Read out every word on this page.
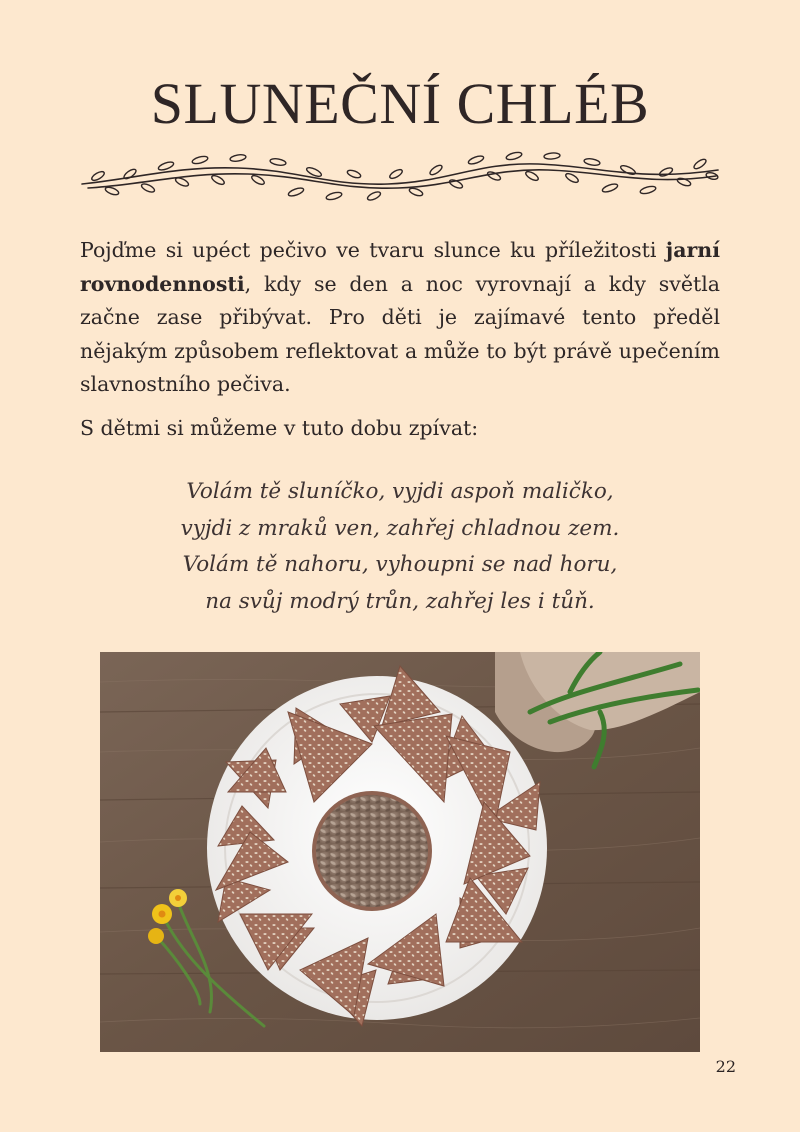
SLUNEČNÍ CHLÉB

Pojďme si upéct pečivo ve tvaru slunce ku příležitosti jarní rovnodennosti, kdy se den a noc vyrovnají a kdy světla začne zase přibývat. Pro děti je zajímavé tento předěl nějakým způsobem reflektovat a může to být právě upečením slavnostního pečiva.

S dětmi si můžeme v tuto dobu zpívat:

Volám tě sluníčko, vyjdi aspoň maličko,
vyjdi z mraků ven, zahřej chladnou zem.
Volám tě nahoru, vyhoupni se nad horu,
na svůj modrý trůn, zahřej les i tůň.
22
